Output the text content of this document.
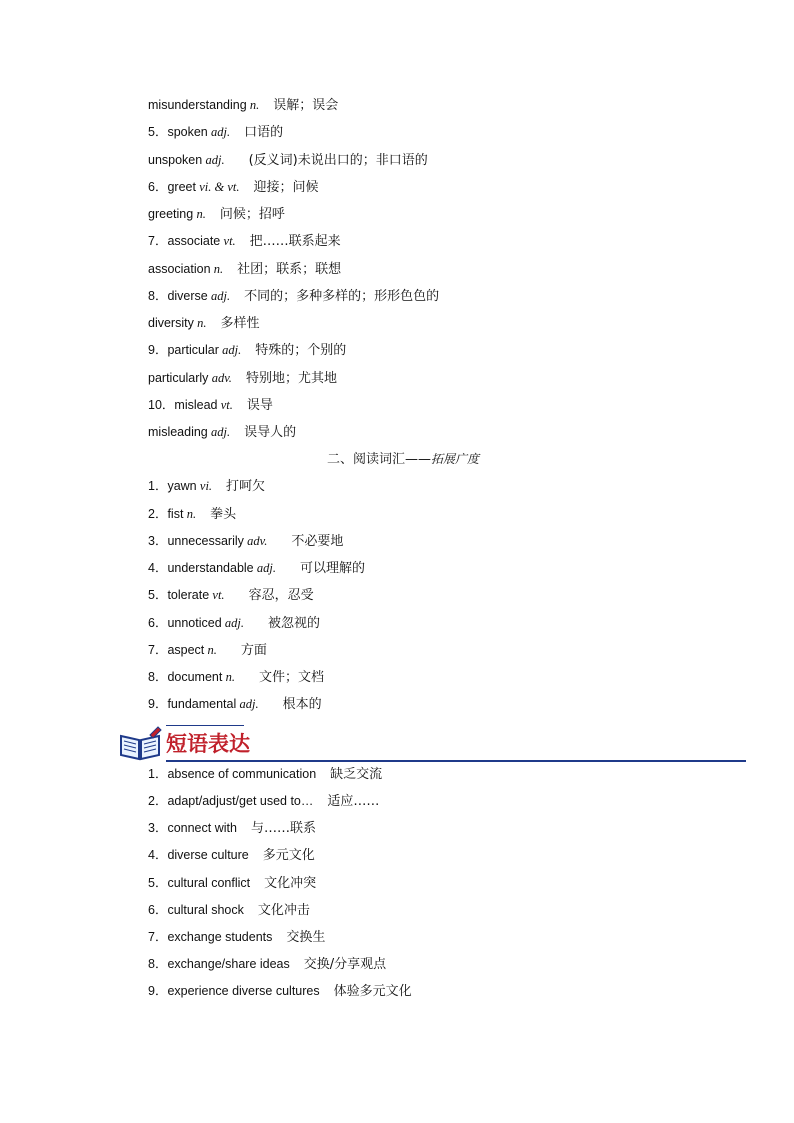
misunderstanding n. 误解；误会
5．spoken adj. 口语的
unspoken adj. (反义词)未说出口的；非口语的
6．greet vi. & vt. 迎接；问候
greeting n. 问候；招呼
7．associate vt. 把……联系起来
association n. 社团；联系；联想
8．diverse adj. 不同的；多种多样的；形形色色的
diversity n. 多样性
9．particular adj. 特殊的；个别的
particularly adv. 特别地；尤其地
10．mislead vt. 误导
misleading adj. 误导人的
二、阅读词汇——拓展广度
1．yawn vi. 打呵欠
2．fist n. 拳头
3．unnecessarily adv. 不必要地
4．understandable adj. 可以理解的
5．tolerate vt. 容忍，忍受
6．unnoticed adj. 被忽视的
7．aspect n. 方面
8．document n. 文件；文档
9．fundamental adj. 根本的
短语表达
1．absence of communication 缺乏交流
2．adapt/adjust/get used to… 适应……
3．connect with 与……联系
4．diverse culture 多元文化
5．cultural conflict 文化冲突
6．cultural shock 文化冲击
7．exchange students 交换生
8．exchange/share ideas 交换/分享观点
9．experience diverse cultures 体验多元文化
